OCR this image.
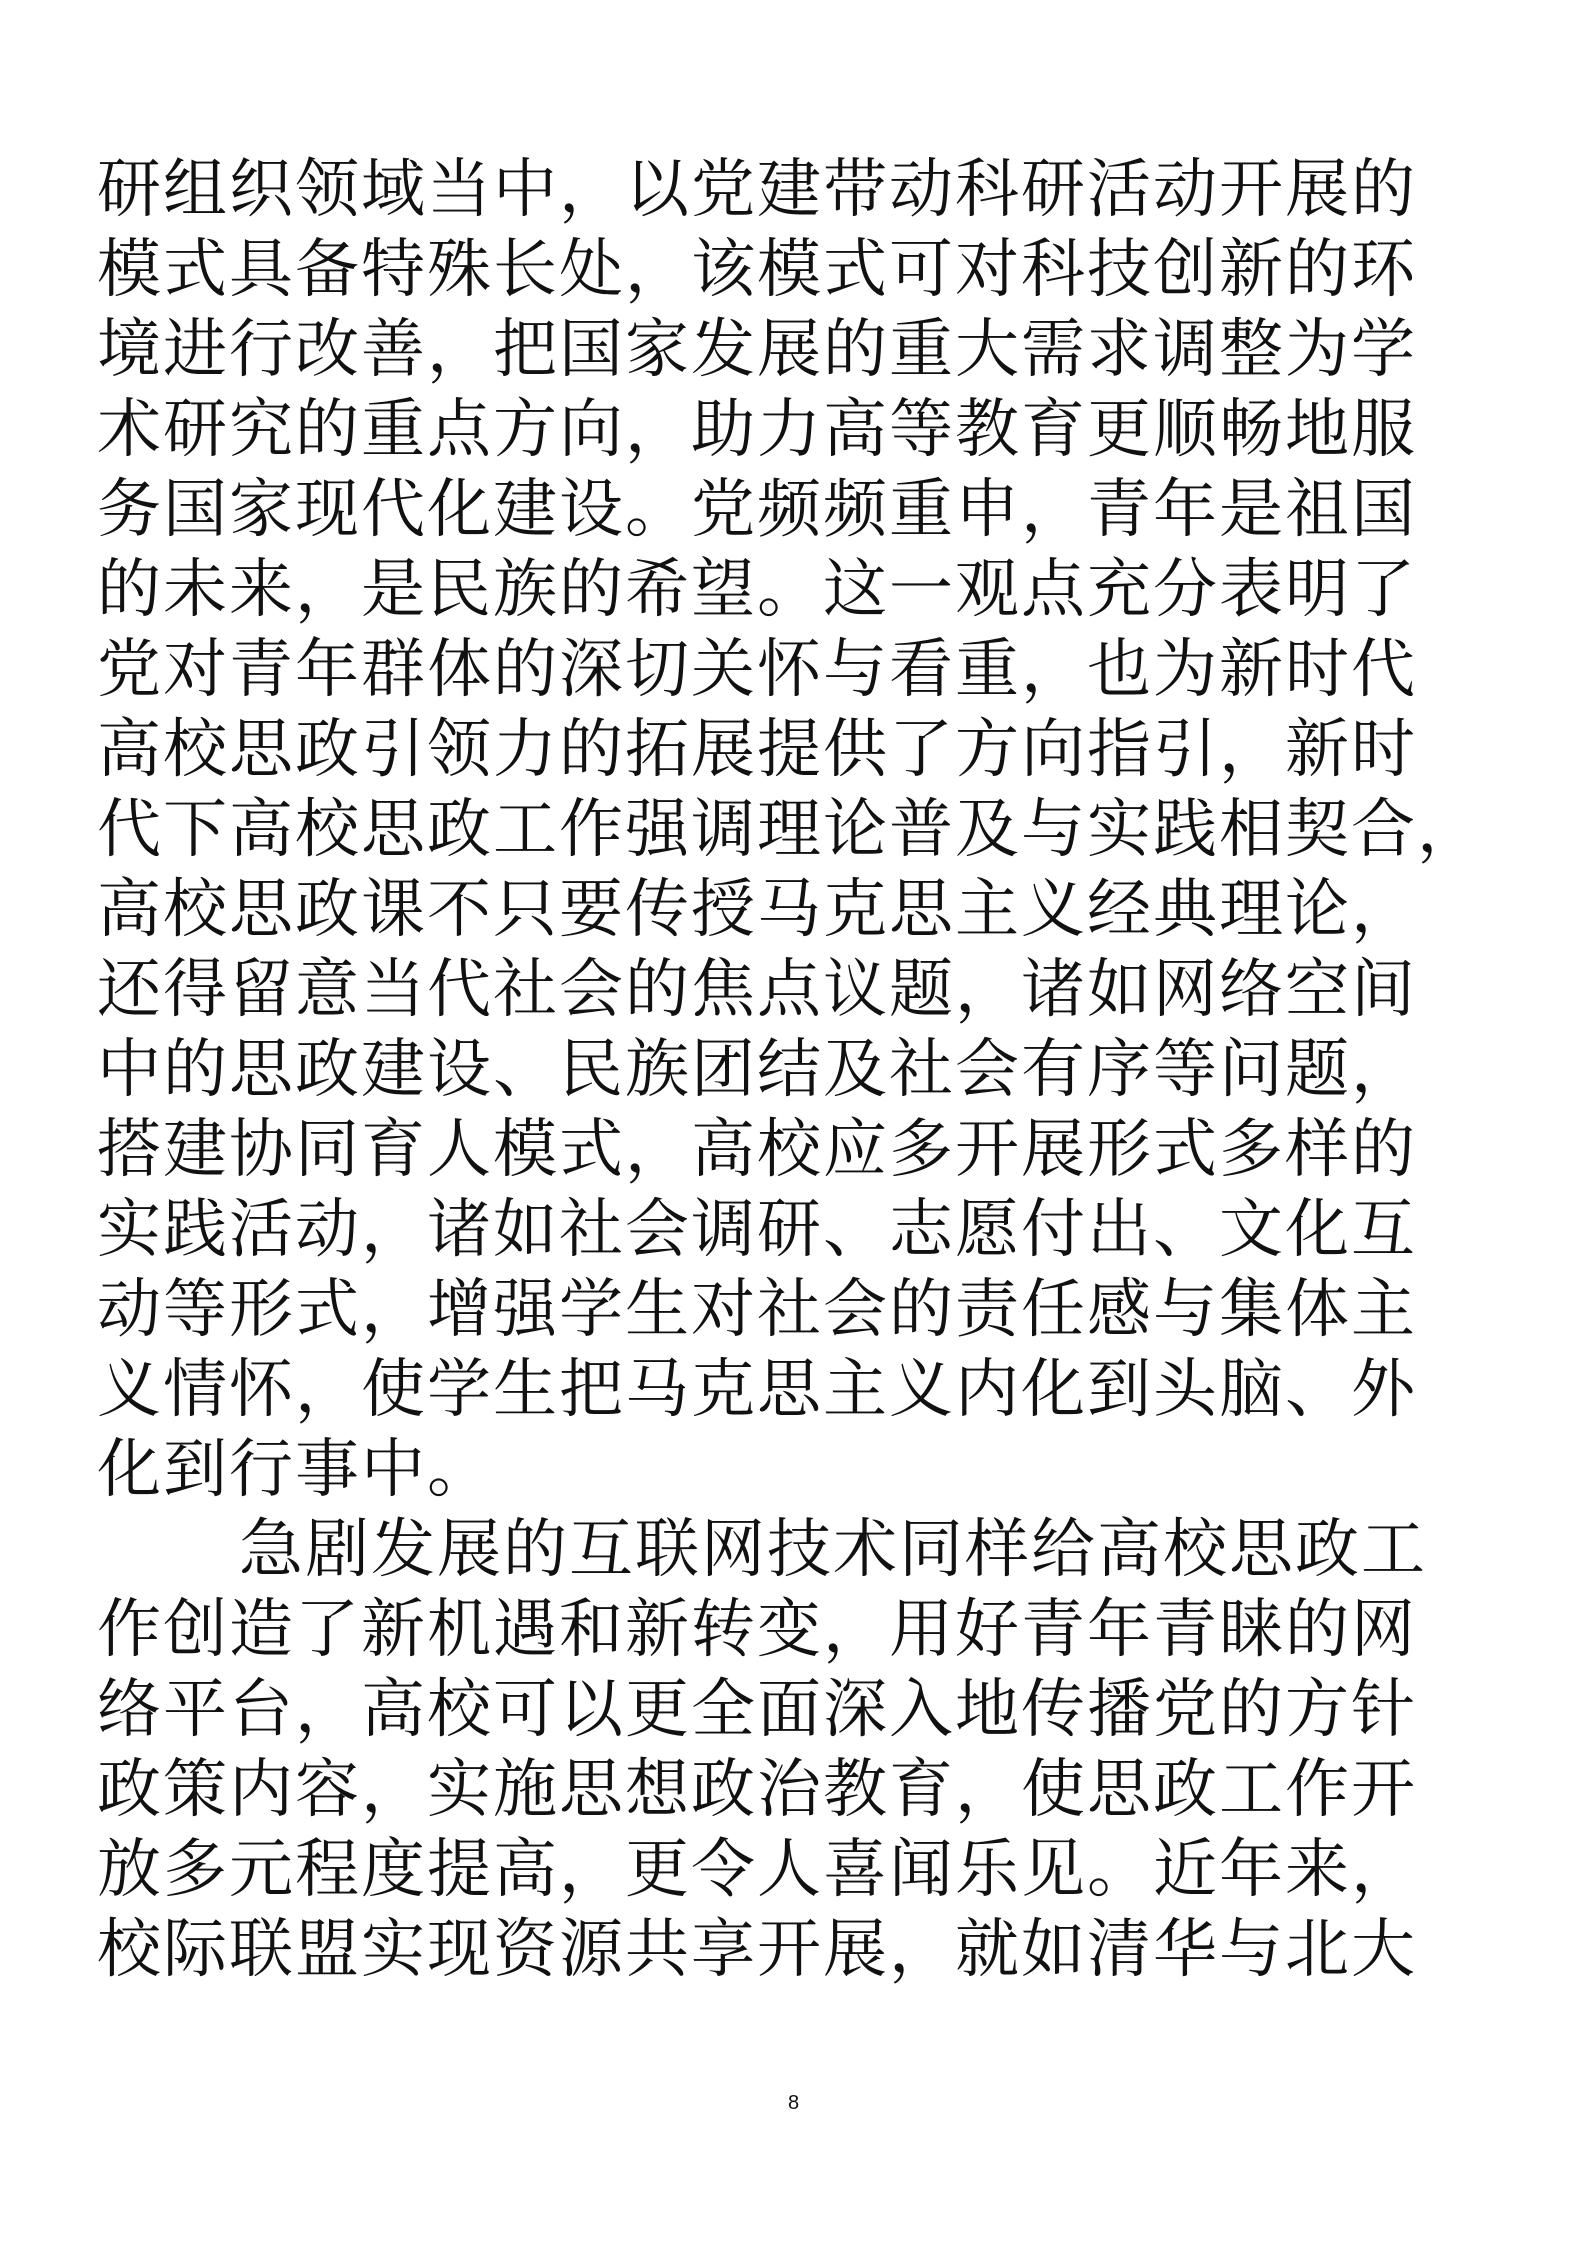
研组织领域当中，以党建带动科研活动开展的
模式具备特殊长处，该模式可对科技创新的环
境进行改善，把国家发展的重大需求调整为学
术研究的重点方向，助力高等教育更顺畅地服
务国家现代化建设。党频频重申，青年是祖国
的未来，是民族的希望。这一观点充分表明了
党对青年群体的深切关怀与看重，也为新时代
高校思政引领力的拓展提供了方向指引，新时
代下高校思政工作强调理论普及与实践相契合，
高校思政课不只要传授马克思主义经典理论，
还得留意当代社会的焦点议题，诸如网络空间
中的思政建设、民族团结及社会有序等问题，
搭建协同育人模式，高校应多开展形式多样的
实践活动，诸如社会调研、志愿付出、文化互
动等形式，增强学生对社会的责任感与集体主
义情怀，使学生把马克思主义内化到头脑、外
化到行事中。
急剧发展的互联网技术同样给高校思政工
作创造了新机遇和新转变，用好青年青睐的网
络平台，高校可以更全面深入地传播党的方针
政策内容，实施思想政治教育，使思政工作开
放多元程度提高，更令人喜闻乐见。近年来，
校际联盟实现资源共享开展，就如清华与北大
8
